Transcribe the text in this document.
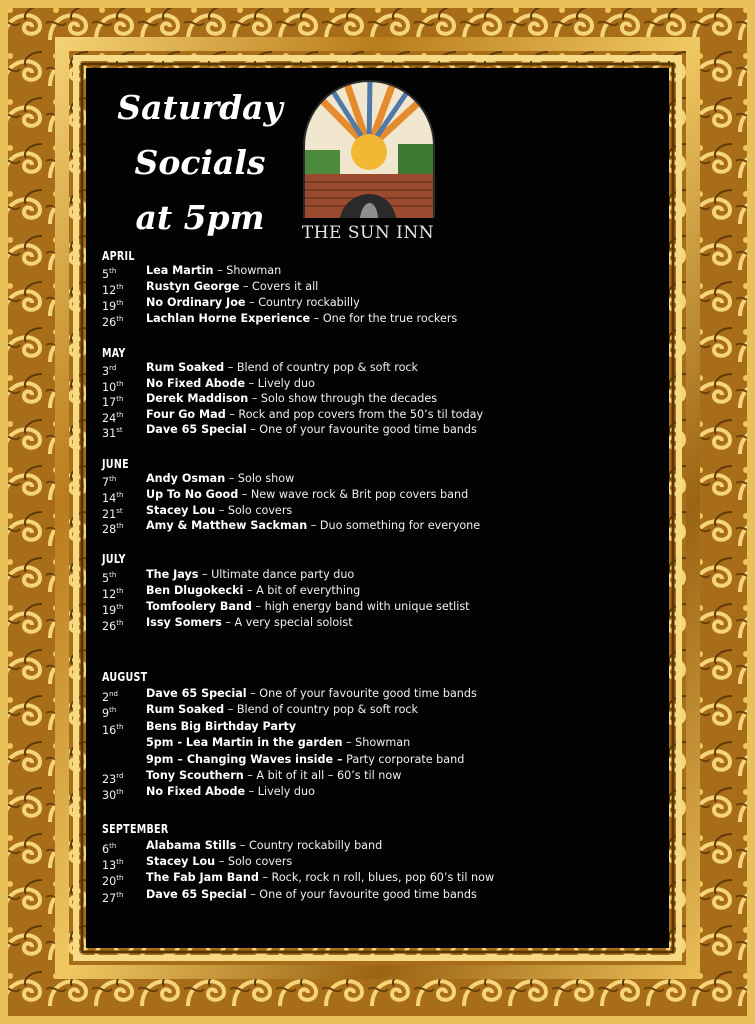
Saturday
Socials
at 5pm	THE SUN INN
APRIL
5th	Lea Martin – Showman
12th	Rustyn George – Covers it all
19th	No Ordinary Joe – Country rockabilly
26th	Lachlan Horne Experience – One for the true rockers
MAY
3rd	Rum Soaked – Blend of country pop & soft rock
10th	No Fixed Abode – Lively duo
17th	Derek Maddison – Solo show through the decades
24th	Four Go Mad – Rock and pop covers from the 50’s til today
31st	Dave 65 Special – One of your favourite good time bands
JUNE
7th	Andy Osman – Solo show
14th	Up To No Good – New wave rock & Brit pop covers band
21st	Stacey Lou – Solo covers
28th	Amy & Matthew Sackman – Duo something for everyone
JULY
5th	The Jays – Ultimate dance party duo
12th	Ben Dlugokecki – A bit of everything
19th	Tomfoolery Band – high energy band with unique setlist
26th	Issy Somers – A very special soloist
AUGUST
2nd	Dave 65 Special – One of your favourite good time bands
9th	Rum Soaked – Blend of country pop & soft rock
16th	Bens Big Birthday Party
5pm - Lea Martin in the garden – Showman
9pm – Changing Waves inside – Party corporate band
23rd	Tony Scouthern – A bit of it all – 60’s til now
30th	No Fixed Abode – Lively duo
SEPTEMBER
6th	Alabama Stills – Country rockabilly band
13th	Stacey Lou – Solo covers
20th	The Fab Jam Band – Rock, rock n roll, blues, pop 60’s til now
27th	Dave 65 Special – One of your favourite good time bands
